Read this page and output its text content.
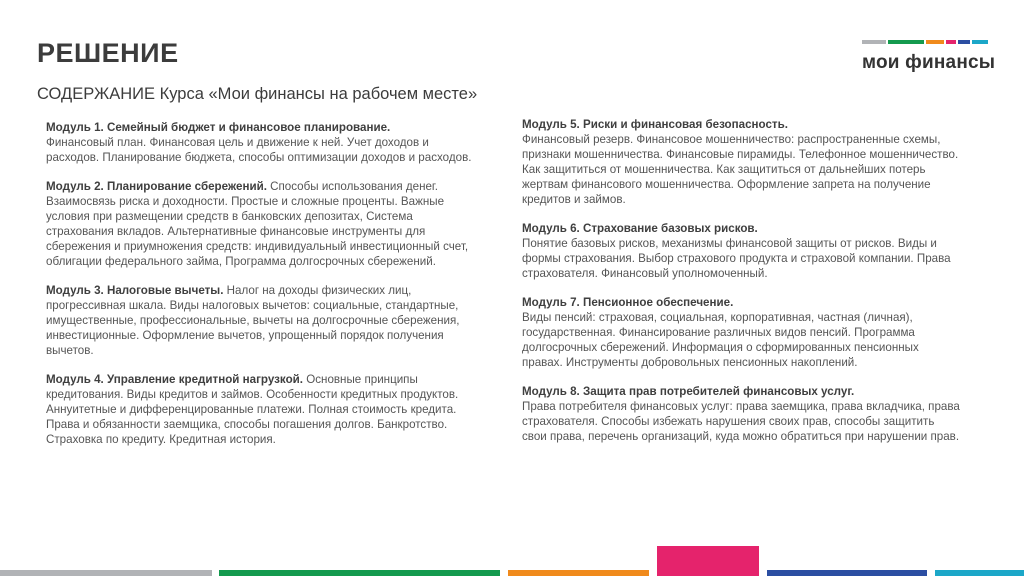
РЕШЕНИЕ

СОДЕРЖАНИЕ Курса «Мои финансы на рабочем месте»

мои финансы
Модуль 1. Семейный бюджет и финансовое планирование.
Финансовый план. Финансовая цель и движение к ней. Учет доходов и расходов. Планирование бюджета, способы оптимизации доходов и расходов.
Модуль 2. Планирование сбережений. Способы использования денег. Взаимосвязь риска и доходности. Простые и сложные проценты. Важные условия при размещении средств в банковских депозитах, Система страхования вкладов. Альтернативные финансовые инструменты для сбережения и приумножения средств: индивидуальный инвестиционный счет, облигации федерального займа, Программа долгосрочных сбережений.
Модуль 3. Налоговые вычеты. Налог на доходы физических лиц, прогрессивная шкала. Виды налоговых вычетов: социальные, стандартные, имущественные, профессиональные, вычеты на долгосрочные сбережения, инвестиционные. Оформление вычетов, упрощенный порядок получения вычетов.
Модуль 4. Управление кредитной нагрузкой. Основные принципы кредитования. Виды кредитов и займов. Особенности кредитных продуктов. Аннуитетные и дифференцированные платежи. Полная стоимость кредита. Права и обязанности заемщика, способы погашения долгов. Банкротство. Страховка по кредиту. Кредитная история.
Модуль 5. Риски и финансовая безопасность.
Финансовый резерв. Финансовое мошенничество: распространенные схемы, признаки мошенничества. Финансовые пирамиды. Телефонное мошенничество. Как защититься от мошенничества. Как защититься от дальнейших потерь жертвам финансового мошенничества. Оформление запрета на получение кредитов и займов.
Модуль 6. Страхование базовых рисков.
Понятие базовых рисков, механизмы финансовой защиты от рисков. Виды и формы страхования. Выбор страхового продукта и страховой компании. Права страхователя. Финансовый уполномоченный.
Модуль 7. Пенсионное обеспечение.
Виды пенсий: страховая, социальная, корпоративная, частная (личная), государственная. Финансирование различных видов пенсий. Программа долгосрочных сбережений. Информация о сформированных пенсионных правах. Инструменты добровольных пенсионных накоплений.
Модуль 8. Защита прав потребителей финансовых услуг.
Права потребителя финансовых услуг: права заемщика, права вкладчика, права страхователя. Способы избежать нарушения своих прав, способы защитить свои права, перечень организаций, куда можно обратиться при нарушении прав.
